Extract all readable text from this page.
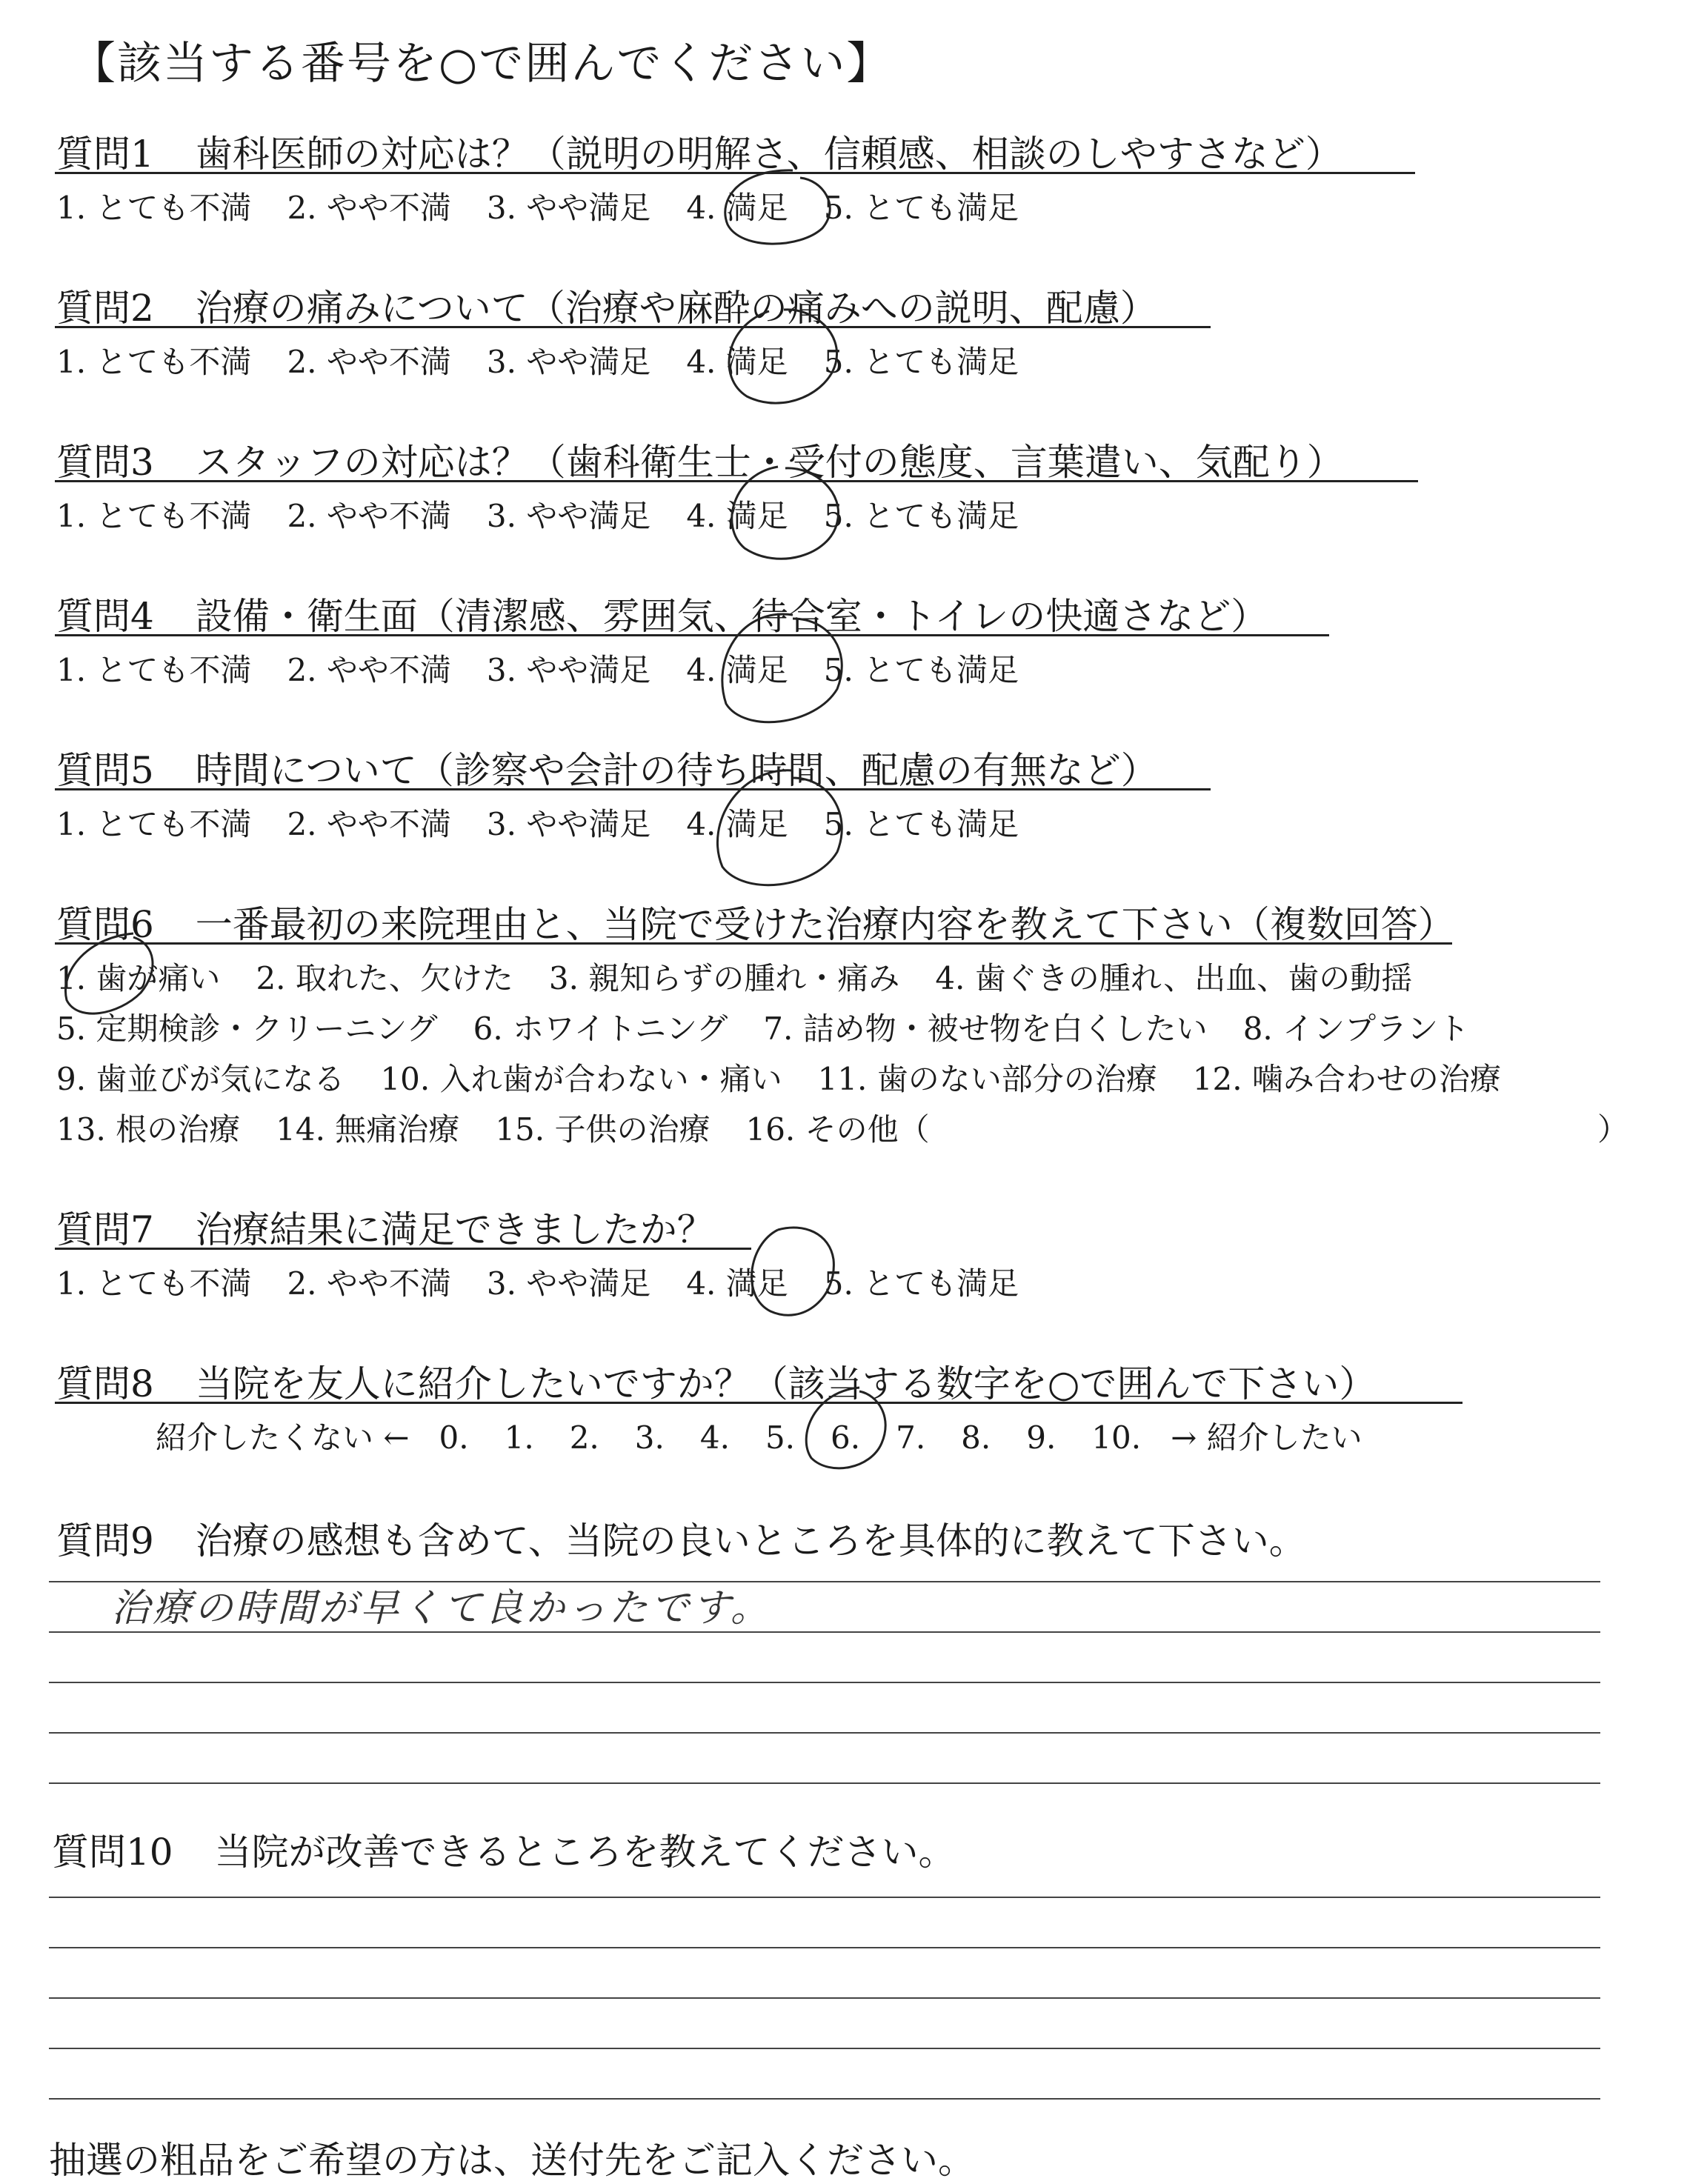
【該当する番号を○で囲んでください】
質問1 歯科医師の対応は？（説明の明解さ、信頼感、相談のしやすさなど）
1. とても不満 2. やや不満 3. やや満足 4. 満足 5. とても満足
質問2 治療の痛みについて（治療や麻酔の痛みへの説明、配慮）
1. とても不満 2. やや不満 3. やや満足 4. 満足 5. とても満足
質問3 スタッフの対応は？（歯科衛生士・受付の態度、言葉遣い、気配り）
1. とても不満 2. やや不満 3. やや満足 4. 満足 5. とても満足
質問4 設備・衛生面（清潔感、雰囲気、待合室・トイレの快適さなど）
1. とても不満 2. やや不満 3. やや満足 4. 満足 5. とても満足
質問5 時間について（診察や会計の待ち時間、配慮の有無など）
1. とても不満 2. やや不満 3. やや満足 4. 満足 5. とても満足
質問6 一番最初の来院理由と、当院で受けた治療内容を教えて下さい（複数回答）
1. 歯が痛い 2. 取れた、欠けた 3. 親知らずの腫れ・痛み 4. 歯ぐきの腫れ、出血、歯の動揺
5. 定期検診・クリーニング 6. ホワイトニング 7. 詰め物・被せ物を白くしたい 8. インプラント
9. 歯並びが気になる 10. 入れ歯が合わない・痛い 11. 歯のない部分の治療 12. 噛み合わせの治療
13. 根の治療 14. 無痛治療 15. 子供の治療 16. その他（	）
質問7 治療結果に満足できましたか？
1. とても不満 2. やや不満 3. やや満足 4. 満足 5. とても満足
質問8 当院を友人に紹介したいですか？（該当する数字を○で囲んで下さい）
紹介したくない ← 0. 1. 2. 3. 4. 5. 6. 7. 8. 9. 10. → 紹介したい
質問9 治療の感想も含めて、当院の良いところを具体的に教えて下さい。
治療の時間が早くて良かったです。
質問10 当院が改善できるところを教えてください。
抽選の粗品をご希望の方は、送付先をご記入ください。
